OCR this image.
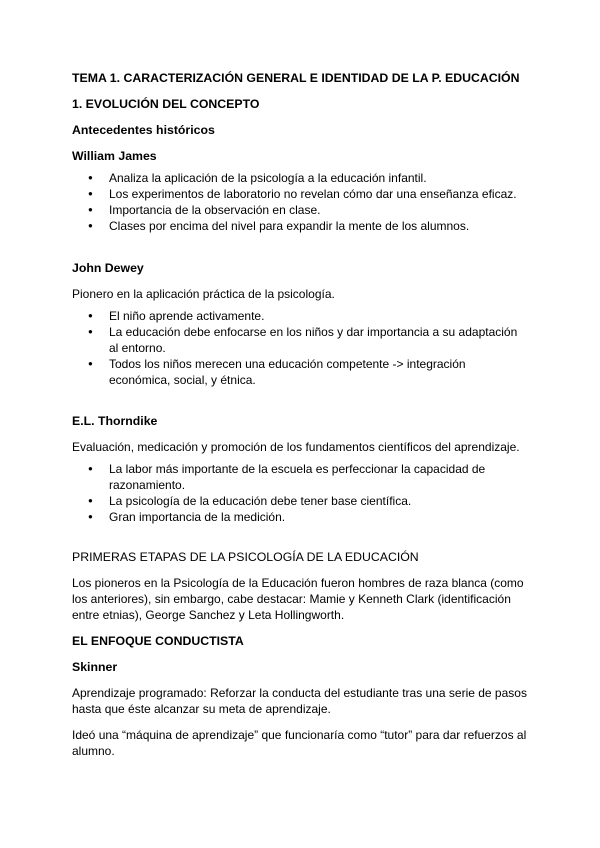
TEMA 1. CARACTERIZACIÓN GENERAL E IDENTIDAD DE LA P. EDUCACIÓN

1. EVOLUCIÓN DEL CONCEPTO

Antecedentes históricos

William James

● Analiza la aplicación de la psicología a la educación infantil.
● Los experimentos de laboratorio no revelan cómo dar una enseñanza eficaz.
● Importancia de la observación en clase.
● Clases por encima del nivel para expandir la mente de los alumnos.

John Dewey

Pionero en la aplicación práctica de la psicología.

● El niño aprende activamente.
● La educación debe enfocarse en los niños y dar importancia a su adaptación al entorno.
● Todos los niños merecen una educación competente -> integración económica, social, y étnica.

E.L. Thorndike

Evaluación, medicación y promoción de los fundamentos científicos del aprendizaje.

● La labor más importante de la escuela es perfeccionar la capacidad de razonamiento.
● La psicología de la educación debe tener base científica.
● Gran importancia de la medición.

PRIMERAS ETAPAS DE LA PSICOLOGÍA DE LA EDUCACIÓN

Los pioneros en la Psicología de la Educación fueron hombres de raza blanca (como los anteriores), sin embargo, cabe destacar: Mamie y Kenneth Clark (identificación entre etnias), George Sanchez y Leta Hollingworth.

EL ENFOQUE CONDUCTISTA

Skinner

Aprendizaje programado: Reforzar la conducta del estudiante tras una serie de pasos hasta que éste alcanzar su meta de aprendizaje.

Ideó una “máquina de aprendizaje” que funcionaría como “tutor” para dar refuerzos al alumno.
